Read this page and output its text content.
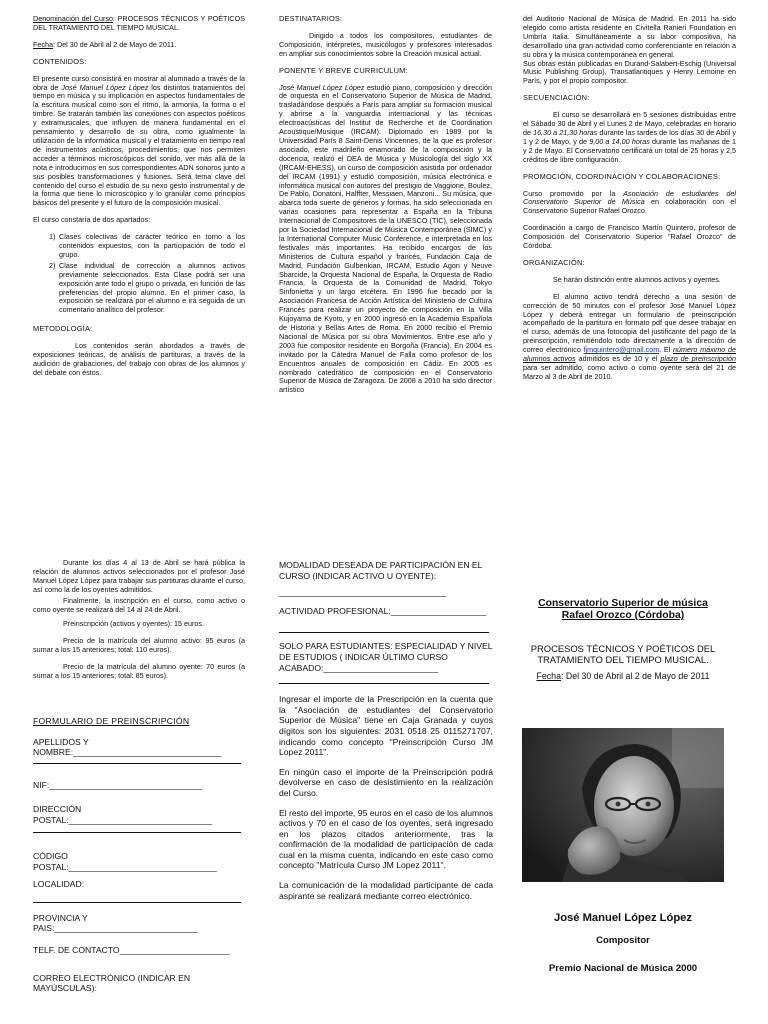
Denominación del Curso: PROCESOS TÉCNICOS Y POÉTICOS DEL TRATAMIENTO DEL TIEMPO MUSICAL.

Fecha: Del 30 de Abril al 2 de Mayo de 2011.

CONTENIDOS:

El presente curso consistirá en mostrar al alumnado a través de la obra de José Manuel López López los distintos tratamientos del tiempo en música y su implicación en aspectos fundamentales de la escritura musical como son el ritmo, la armonía, la forma o el timbre. Se tratarán también las conexiones con aspectos poéticos y extramusicales, que influyen de manera fundamental en el pensamiento y desarrollo de su obra, como igualmente la utilización de la informática musical y el tratamiento en tiempo real de instrumentos acústicos, procedimientos, que nos permiten acceder a términos microscópicos del sonido, ver más allá de la nota e introducirnos en sus correspondientes ADN sonoros junto a sus posibles transformaciones y fusiones. Será tema clave del contenido del curso el estudio de su nexo gesto instrumental y de la forma que tiene lo microscópico y lo granular como principios básicos del presente y el futuro de la composición musical.

El curso constaría de dos apartados:

1) Clases colectivas de carácter teórico en torno a los contenidos expuestos, con la participación de todo el grupo.
2) Clase individual de corrección a alumnos activos previamente seleccionados. Esta Clase podrá ser una exposición ante todo el grupo o privada, en función de las preferencias del propio alumno. En el primer caso, la exposición se realizará por el alumno e irá seguida de un comentario analítico del profesor.

METODOLOGÍA:

Los contenidos serán abordados a través de exposiciones teóricas, de análisis de partituras, a través de la audición de grabaciones, del trabajo con obras de los alumnos y del debate con éstos.

DESTINATARIOS:

Dirigido a todos los compositores, estudiantes de Composición, intérpretes, musicólogos y profesores interesados en ampliar sus conocimientos sobre la Creación musical actual.

PONENTE Y BREVE CURRICULUM:

José Manuel López López estudió piano, composición y dirección de orquesta en el Conservatorio Superior de Música de Madrid, trasladándose después a París para ampliar su formación musical y abrirse a la vanguardia internacional y las técnicas electroacústicas del Institut de Recherche et de Coordination Acoustique/Musique (IRCAM). Diplomado en 1989 por la Universidad París 8 Saint-Denis Vincennes, de la que es profesor asociado, este madrileño enamorado de la composición y la docencia, realizó el DEA de Música y Musicología del siglo XX (IRCAM-EHESS), un curso de composición asistida por ordenador del IRCAM (1991) y estudió composición, música electrónica e informática musical con autores del prestigio de Vaggione, Boulez, De Pablo, Donatoni, Halffter, Messiaen, Manzoni... Su música, que abarca toda suerte de géneros y formas, ha sido seleccionada en varias ocasiones para representar a España en la Tribuna Internacional de Compositores de la UNESCO (TIC), seleccionada por la Sociedad Internacional de Música Contemporánea (SIMC) y la International Computer Music Conference, e interpretada en los festivales más importantes. Ha recibido encargos de los Ministerios de Cultura español y francés, Fundación Caja de Madrid, Fundación Gulbenkian, IRCAM, Estudio Agon y Neuve Sbarcide, la Orquesta Nacional de España, la Orquesta de Radio Francia, la Orquesta de la Comunidad de Madrid, Tokyo Sinfonietta y un largo etcétera. En 1996 fue becado por la Asociación Francesa de Acción Artística del Ministerio de Cultura Francés para realizar un proyecto de composición en la Villa Kujoyama de Kyoto, y en 2000 ingresó en la Academia Española de Historia y Bellas Artes de Roma. En 2000 recibió el Premio Nacional de Música por su obra Movimientos. Entre ese año y 2003 fue compositor residente en Borgoña (Francia). En 2004 es invitado por la Cátedra Manuel de Falla como profesor de los Encuentros anuales de composición en Cádiz. En 2005 es nombrado catedrático de composición en el Conservatorio Superior de Música de Zaragoza. De 2008 a 2010 ha sido director artístico

del Auditorio Nacional de Música de Madrid. En 2011 ha sido elegido como artista residente en Civitella Ranieri Foundation en Umbría Italia. Simultáneamente a su labor compositiva, ha desarrollado una gran actividad como conferenciante en relación a su obra y la música contemporánea en general.

Sus obras están publicadas en Durand-Salabert-Eschig (Universal Music Publishing Group), Transatlantiques y Henry Lemoine en París, y por el propio compositor.

SECUENCIACIÓN:

El curso se desarrollará en 5 sesiones distribuidas entre el Sábado 30 de Abril y el Lunes 2 de Mayo, celebradas en horario de 16,30 a 21,30 horas durante las tardes de los días 30 de Abril y 1 y 2 de Mayo, y de 9,00 a 14,00 horas durante las mañanas de 1 y 2 de Mayo. El Conservatorio certificará un total de 25 horas y 2,5 créditos de libre configuración.

PROMOCIÓN, COORDINACIÓN Y COLABORACIONES:

Curso promovido por la Asociación de estudiantes del Conservatorio Superior de Música en colaboración con el Conservatorio Superior Rafael Orozco.

Coordinación a cargo de Francisco Martín Quintero, profesor de Composición del Conservatorio Superior "Rafael Orozco" de Córdoba.

ORGANIZACIÓN:

Se harán distinción entre alumnos activos y oyentes.

El alumno activo tendrá derecho a una sesión de corrección de 50 minutos con el profesor José Manuel López López y deberá entregar un formulario de preinscripción acompañado de la partitura en formato pdf que desee trabajar en el curso, además de una fotocopia del justificante del pago de la preinscripción, remitiéndolo todo directamente a la dirección de correo electrónico fjmquintero@gmail.com. El número máximo de alumnos activos admitidos es de 10 y el plazo de preinscripción para ser admitido, como activo o como oyente será del 21 de Marzo al 3 de Abril de 2010.

Durante los días 4 al 13 de Abril se hará pública la relación de alumnos activos seleccionados por el profesor José Manuel López López para trabajar sus partituras durante el curso, así como la de los oyentes admitidos.

Finalmente, la inscripción en el curso, como activo o como oyente se realizará del 14 al 24 de Abril.

Preinscripción (activos y oyentes): 15 euros.

Precio de la matrícula del alumno activo: 95 euros (a sumar a los 15 anteriores; total: 110 euros).

Precio de la matrícula del alumno oyente: 70 euros (a sumar a los 15 anteriores; total: 85 euros).

FORMULARIO DE PREINSCRIPCIÓN
APELLIDOS Y NOMBRE:_______________________________
NIF:________________________________
DIRECCIÓN POSTAL:______________________________
CÓDIGO POSTAL:_______________________________
LOCALIDAD:
PROVINCIA Y PAIS:______________________________
TELF. DE CONTACTO_______________________
CORREO ELECTRÓNICO (INDICAR EN MAYÚSCULAS):
MODALIDAD DESEADA DE PARTICIPACIÓN EN EL CURSO (INDICAR ACTIVO U OYENTE):
___________________________________
ACTIVIDAD PROFESIONAL:____________________
SOLO PARA ESTUDIANTES: ESPECIALIDAD Y NIVEL DE ESTUDIOS ( INDICAR ÚLTIMO CURSO ACABADO:________________________
Ingresar el importe de la Prescripción en la cuenta que la "Asociación de estudiantes del Conservatorio Superior de Música" tiene en Caja Granada y cuyos dígitos son los siguientes: 2031 0518 25 0115271707, indicando como concepto "Preinscripción Curso JM Lopez 2011".
En ningún caso el importe de la Preinscripción podrá devolverse en caso de desistimiento en la realización del Curso.
El resto del importe, 95 euros en el caso de los alumnos activos y 70 en el caso de los oyentes, será ingresado en los plazos citados anteriormente, tras la confirmación de la modalidad de participación de cada cual en la misma cuenta, indicando en este caso como concepto "Matrícula Curso JM Lopez 2011".
La comunicación de la modalidad participante de cada aspirante se realizará mediante correo electrónico.
Conservatorio Superior de música
Rafael Orozco (Córdoba)
PROCESOS TÉCNICOS Y POÉTICOS DEL TRATAMIENTO DEL TIEMPO MUSICAL.
Fecha: Del 30 de Abril al 2 de Mayo de 2011
José Manuel López López
Compositor
Premio Nacional de Música 2000
